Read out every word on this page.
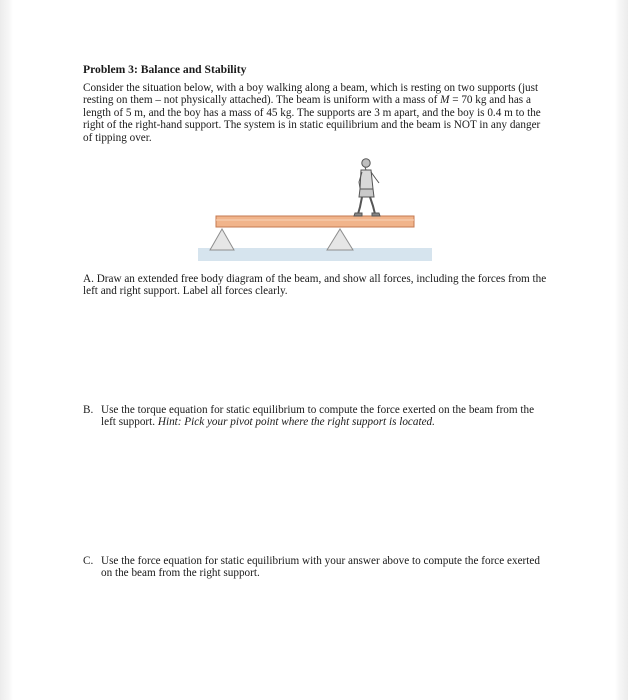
Problem 3: Balance and Stability

Consider the situation below, with a boy walking along a beam, which is resting on two supports (just resting on them – not physically attached). The beam is uniform with a mass of M = 70 kg and has a length of 5 m, and the boy has a mass of 45 kg. The supports are 3 m apart, and the boy is 0.4 m to the right of the right-hand support. The system is in static equilibrium and the beam is NOT in any danger of tipping over.

A. Draw an extended free body diagram of the beam, and show all forces, including the forces from the left and right support. Label all forces clearly.
B. Use the torque equation for static equilibrium to compute the force exerted on the beam from the left support. Hint: Pick your pivot point where the right support is located.
C. Use the force equation for static equilibrium with your answer above to compute the force exerted on the beam from the right support.
